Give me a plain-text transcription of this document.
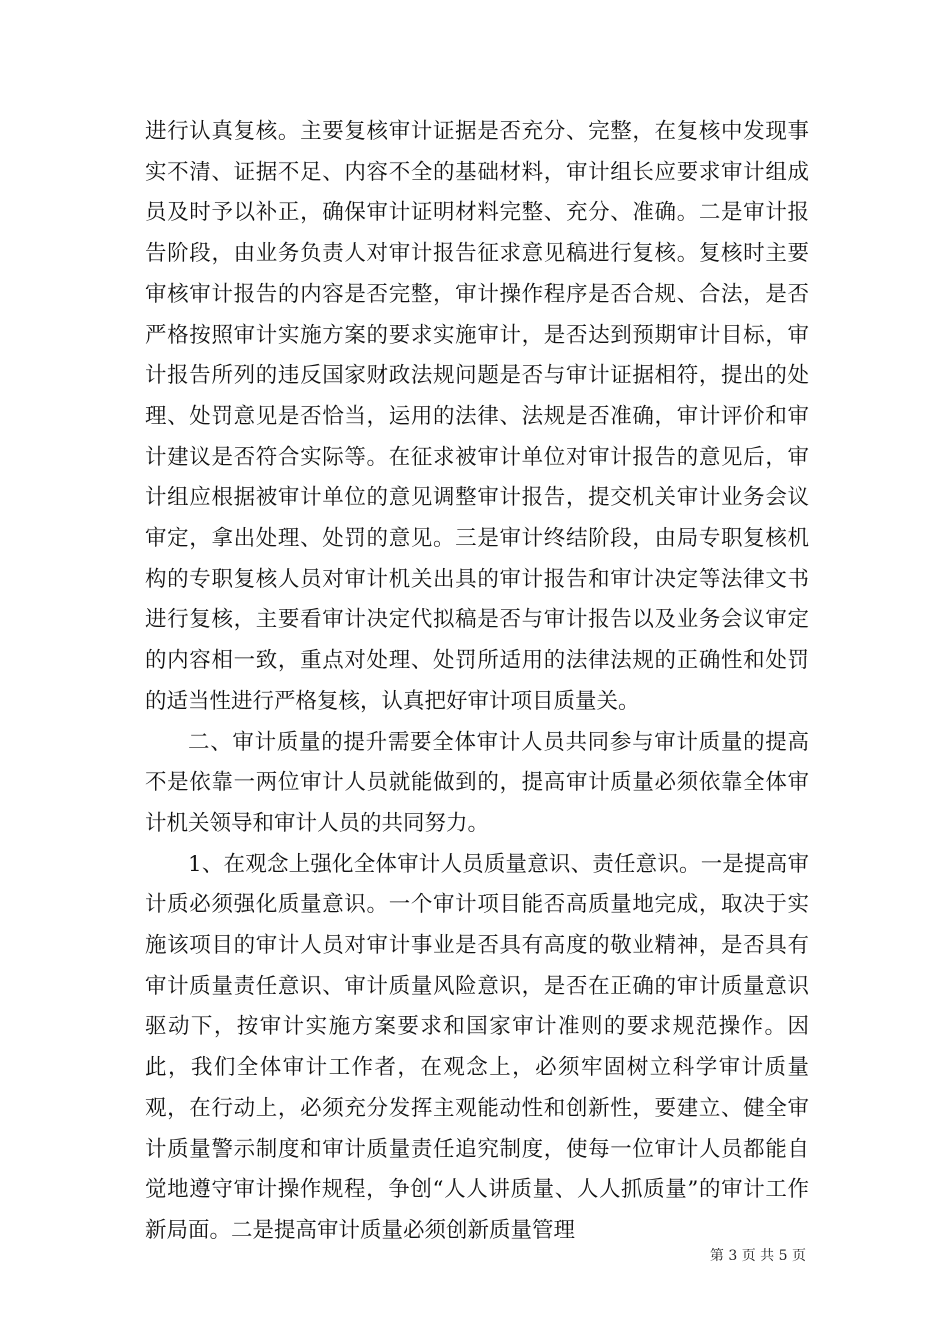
进行认真复核。主要复核审计证据是否充分、完整，在复核中发现事实不清、证据不足、内容不全的基础材料，审计组长应要求审计组成员及时予以补正，确保审计证明材料完整、充分、准确。二是审计报告阶段，由业务负责人对审计报告征求意见稿进行复核。复核时主要审核审计报告的内容是否完整，审计操作程序是否合规、合法，是否严格按照审计实施方案的要求实施审计，是否达到预期审计目标，审计报告所列的违反国家财政法规问题是否与审计证据相符，提出的处理、处罚意见是否恰当，运用的法律、法规是否准确，审计评价和审计建议是否符合实际等。在征求被审计单位对审计报告的意见后，审计组应根据被审计单位的意见调整审计报告，提交机关审计业务会议审定，拿出处理、处罚的意见。三是审计终结阶段，由局专职复核机构的专职复核人员对审计机关出具的审计报告和审计决定等法律文书进行复核，主要看审计决定代拟稿是否与审计报告以及业务会议审定的内容相一致，重点对处理、处罚所适用的法律法规的正确性和处罚的适当性进行严格复核，认真把好审计项目质量关。

二、审计质量的提升需要全体审计人员共同参与审计质量的提高不是依靠一两位审计人员就能做到的，提高审计质量必须依靠全体审计机关领导和审计人员的共同努力。

1、在观念上强化全体审计人员质量意识、责任意识。一是提高审计质必须强化质量意识。一个审计项目能否高质量地完成，取决于实施该项目的审计人员对审计事业是否具有高度的敬业精神，是否具有审计质量责任意识、审计质量风险意识，是否在正确的审计质量意识驱动下，按审计实施方案要求和国家审计准则的要求规范操作。因此，我们全体审计工作者，在观念上，必须牢固树立科学审计质量观，在行动上，必须充分发挥主观能动性和创新性，要建立、健全审计质量警示制度和审计质量责任追究制度，使每一位审计人员都能自觉地遵守审计操作规程，争创“人人讲质量、人人抓质量”的审计工作新局面。二是提高审计质量必须创新质量管理

第 3 页 共 5 页
